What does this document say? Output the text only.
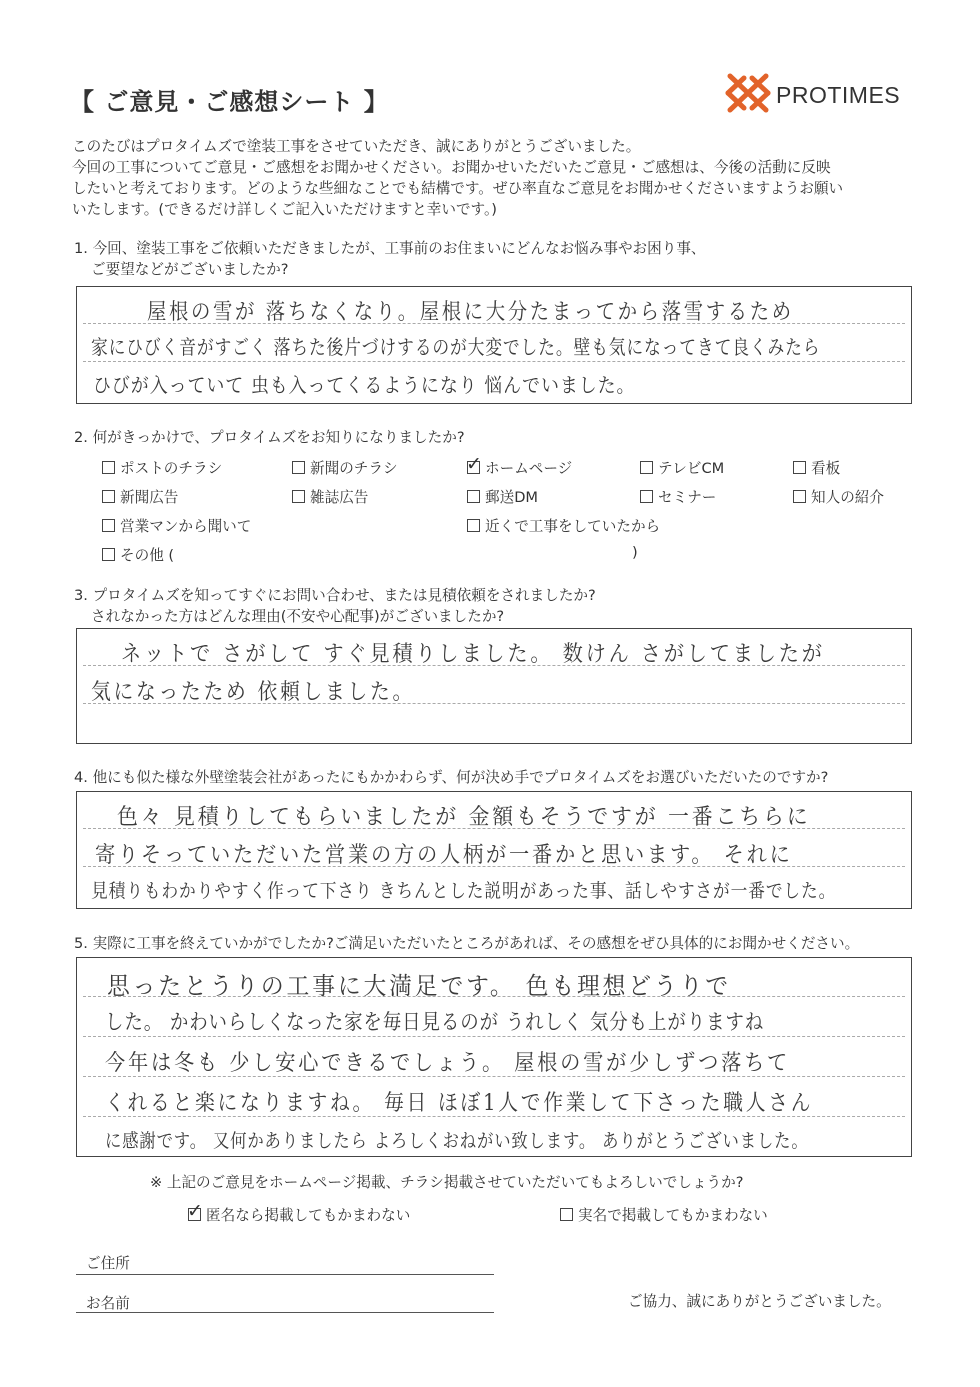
【 ご意見・ご感想シート 】	PROTIMES
このたびはプロタイムズで塗装工事をさせていただき、誠にありがとうございました。
今回の工事についてご意見・ご感想をお聞かせください。お聞かせいただいたご意見・ご感想は、今後の活動に反映
したいと考えております。どのような些細なことでも結構です。ぜひ率直なご意見をお聞かせくださいますようお願い
いたします。(できるだけ詳しくご記入いただけますと幸いです。)
1. 今回、塗装工事をご依頼いただきましたが、工事前のお住まいにどんなお悩み事やお困り事、
ご要望などがございましたか?
屋根の雪が 落ちなくなり。屋根に大分たまってから落雪するため
家にひびく音がすごく 落ちた後片づけするのが大変でした。壁も気になってきて良くみたら
ひびが入っていて 虫も入ってくるようになり 悩んでいました。
2. 何がきっかけで、プロタイムズをお知りになりましたか?
ポストのチラシ	新聞のチラシ	✓ ホームページ	テレビCM	看板
新聞広告	雑誌広告	郵送DM	セミナー	知人の紹介
営業マンから聞いて	近くで工事をしていたから
その他 (	)
3. プロタイムズを知ってすぐにお問い合わせ、または見積依頼をされましたか?
されなかった方はどんな理由(不安や心配事)がございましたか?
ネットで さがして すぐ見積りしました。 数けん さがしてましたが
気になったため 依頼しました。
4. 他にも似た様な外壁塗装会社があったにもかかわらず、何が決め手でプロタイムズをお選びいただいたのですか?
色々 見積りしてもらいましたが 金額もそうですが 一番こちらに
寄りそっていただいた営業の方の人柄が一番かと思います。 それに
見積りもわかりやすく作って下さり きちんとした説明があった事、話しやすさが一番でした。
5. 実際に工事を終えていかがでしたか?ご満足いただいたところがあれば、その感想をぜひ具体的にお聞かせください。
思ったとうりの工事に大満足です。 色も理想どうりで
した。 かわいらしくなった家を毎日見るのが うれしく 気分も上がりますね
今年は冬も 少し安心できるでしょう。 屋根の雪が少しずつ落ちて
くれると楽になりますね。 毎日 ほぼ1人で作業して下さった職人さん
に感謝です。 又何かありましたら よろしくおねがい致します。 ありがとうございました。
※ 上記のご意見をホームページ掲載、チラシ掲載させていただいてもよろしいでしょうか?
✓ 匿名なら掲載してもかまわない	実名で掲載してもかまわない
ご住所
お名前	ご協力、誠にありがとうございました。
